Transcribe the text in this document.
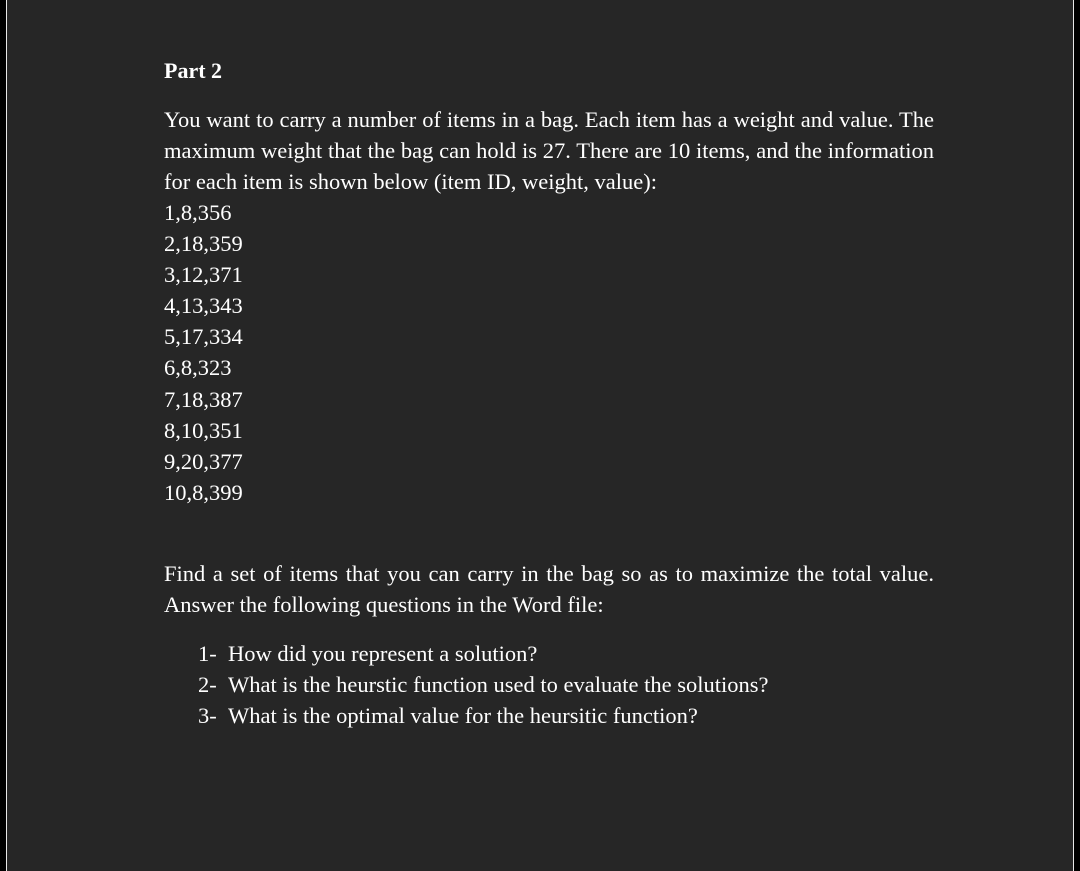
Part 2

You want to carry a number of items in a bag. Each item has a weight and value. The maximum weight that the bag can hold is 27. There are 10 items, and the information for each item is shown below (item ID, weight, value):

1,8,356
2,18,359
3,12,371
4,13,343
5,17,334
6,8,323
7,18,387
8,10,351
9,20,377
10,8,399

Find a set of items that you can carry in the bag so as to maximize the total value. Answer the following questions in the Word file:

1- How did you represent a solution?
2- What is the heurstic function used to evaluate the solutions?
3- What is the optimal value for the heursitic function?
